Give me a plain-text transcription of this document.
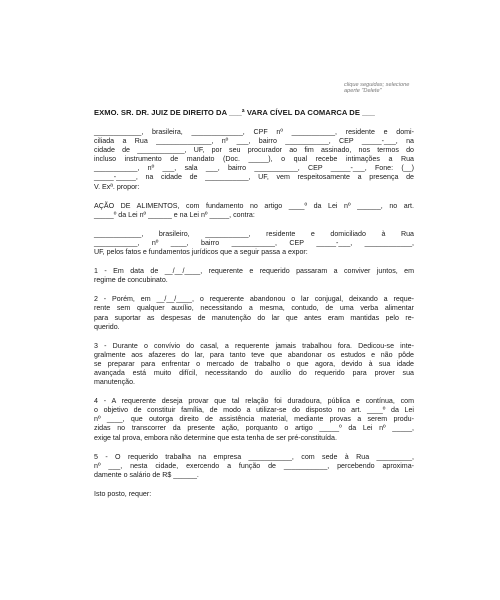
clique seguidas; selecione
aperte "Delete"
EXMO. SR. DR. JUIZ DE DIREITO DA ___ª VARA CÍVEL DA COMARCA DE ___

____________, brasileira, _____________, CPF nº ___________, residente e domi-
ciliada a Rua ______________, nº ___, bairro ___________, CEP _____-___, na
cidade de ____________, UF, por seu procurador ao fim assinado, nos termos do
incluso instrumento de mandato (Doc. _____), o qual recebe intimações a Rua
___________, nº ___, sala ___, bairro ___________, CEP _____-___, Fone: (__)
_____-_____, na cidade de ___________, UF, vem respeitosamente a presença de
V. Exª. propor:

AÇÃO DE ALIMENTOS, com fundamento no artigo ____º da Lei nº ______, no art.
_____º da Lei nº ______ e na Lei nº _____, contra:

____________, brasileiro, ___________, residente e domiciliado à Rua
___________, nº ____, bairro ___________, CEP _____-___, ____________,
UF, pelos fatos e fundamentos jurídicos que a seguir passa a expor:

1 - Em data de __/__/____, requerente e requerido passaram a conviver juntos, em
regime de concubinato.

2 - Porém, em __/__/____, o requerente abandonou o lar conjugal, deixando a reque-
rente sem qualquer auxílio, necessitando a mesma, contudo, de uma verba alimentar
para suportar as despesas de manutenção do lar que antes eram mantidas pelo re-
querido.

3 - Durante o convívio do casal, a requerente jamais trabalhou fora. Dedicou-se inte-
gralmente aos afazeres do lar, para tanto teve que abandonar os estudos e não pôde
se preparar para enfrentar o mercado de trabalho o que agora, devido à sua idade
avançada está muito difícil, necessitando do auxílio do requerido para prover sua
manutenção.

4 - A requerente deseja provar que tal relação foi duradoura, pública e contínua, com
o objetivo de constituir família, de modo a utilizar-se do disposto no art. ____º da Lei
nº ____, que outorga direito de assistência material, mediante provas a serem produ-
zidas no transcorrer da presente ação, porquanto o artigo _____º da Lei nº _____,
exige tal prova, embora não determine que esta tenha de ser pré-constituída.

5 - O requerido trabalha na empresa ___________, com sede à Rua _________,
nº ___, nesta cidade, exercendo a função de ___________, percebendo aproxima-
damente o salário de R$ ______.

Isto posto, requer:
